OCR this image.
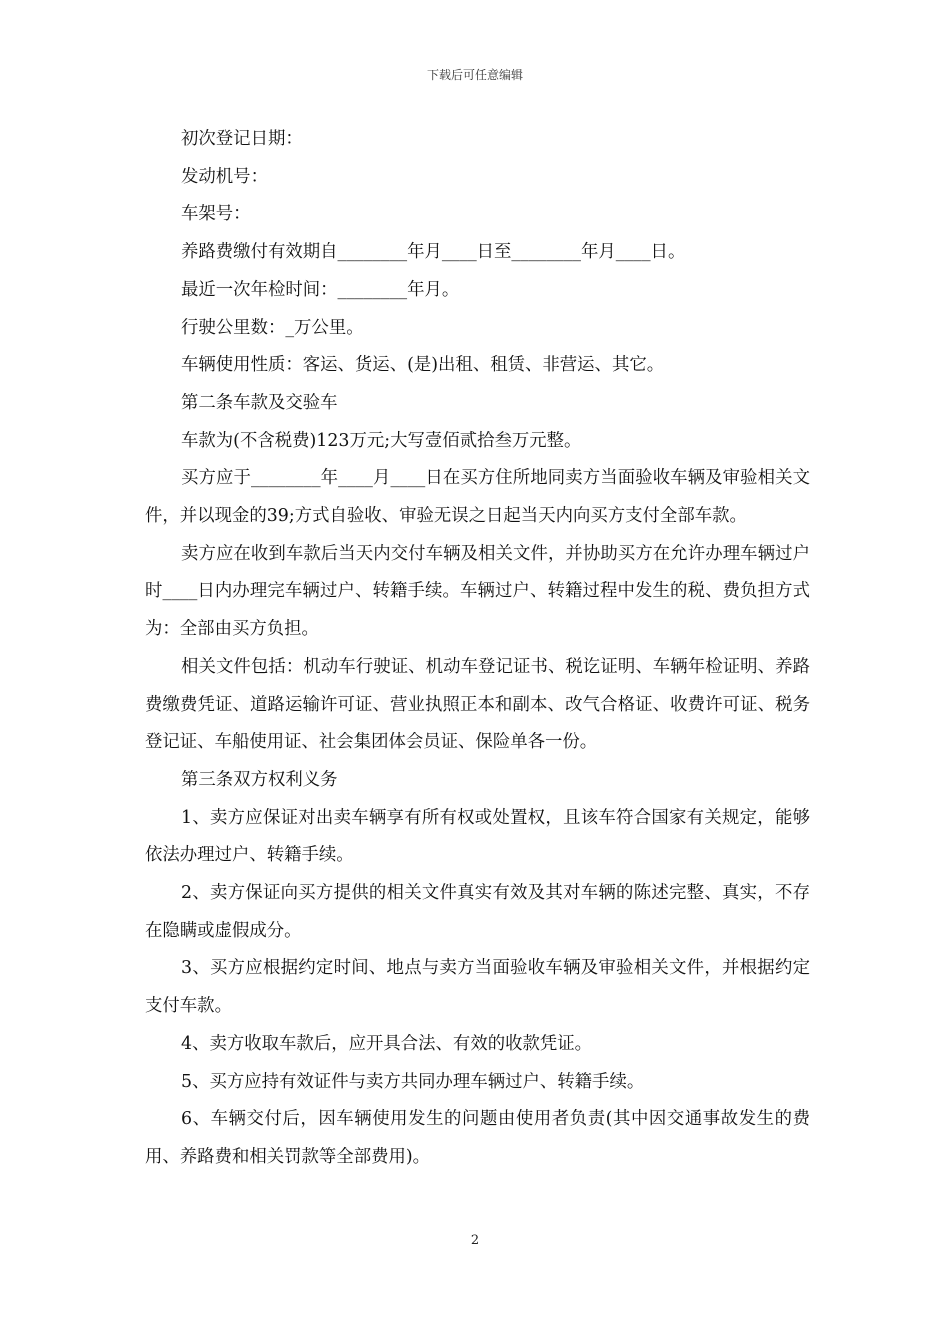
下载后可任意编辑

初次登记日期：

发动机号：

车架号：

养路费缴付有效期自________年月____日至________年月____日。

最近一次年检时间：________年月。

行驶公里数：_万公里。

车辆使用性质：客运、货运、(是)出租、租赁、非营运、其它。

第二条车款及交验车

车款为(不含税费)123万元;大写壹佰贰拾叁万元整。

买方应于________年____月____日在买方住所地同卖方当面验收车辆及审验相关文件，并以现金的39;方式自验收、审验无误之日起当天内向买方支付全部车款。

卖方应在收到车款后当天内交付车辆及相关文件，并协助买方在允许办理车辆过户时____日内办理完车辆过户、转籍手续。车辆过户、转籍过程中发生的税、费负担方式为：全部由买方负担。

相关文件包括：机动车行驶证、机动车登记证书、税讫证明、车辆年检证明、养路费缴费凭证、道路运输许可证、营业执照正本和副本、改气合格证、收费许可证、税务登记证、车船使用证、社会集团体会员证、保险单各一份。

第三条双方权利义务

1、卖方应保证对出卖车辆享有所有权或处置权，且该车符合国家有关规定，能够依法办理过户、转籍手续。

2、卖方保证向买方提供的相关文件真实有效及其对车辆的陈述完整、真实，不存在隐瞒或虚假成分。

3、买方应根据约定时间、地点与卖方当面验收车辆及审验相关文件，并根据约定支付车款。

4、卖方收取车款后，应开具合法、有效的收款凭证。

5、买方应持有效证件与卖方共同办理车辆过户、转籍手续。

6、车辆交付后，因车辆使用发生的问题由使用者负责(其中因交通事故发生的费用、养路费和相关罚款等全部费用)。

2
